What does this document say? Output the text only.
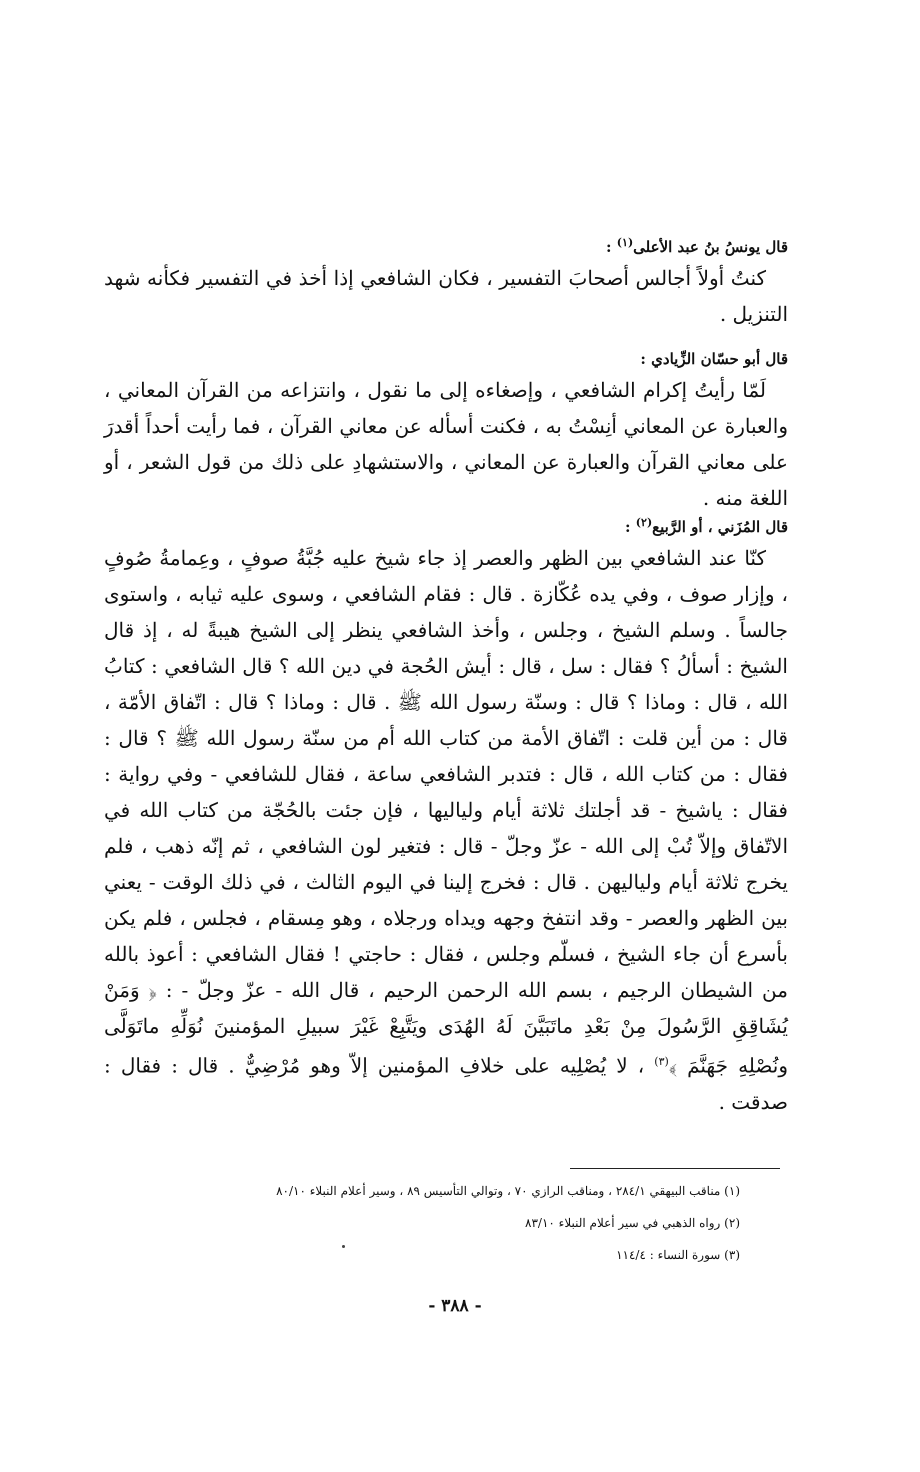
قال يونسُ بنُ عبد الأعلى$^{(١)}$ :

كنتُ أولاً أجالس أصحابَ التفسير ، فكان الشافعي إذا أخذ في التفسير فكأنه شهد التنزيل .

قال أبو حسّان الزِّيادي :

لَمّا رأيتُ إكرام الشافعي ، وإصغاءه إلى ما نقول ، وانتزاعه من القرآن المعاني ، والعبارة عن المعاني أنِسْتُ به ، فكنت أسأله عن معاني القرآن ، فما رأيت أحداً أقدرَ على معاني القرآن والعبارة عن المعاني ، والاستشهادِ على ذلك من قول الشعر ، أو اللغة منه .

قال المُزَني ، أو الرَّبيع$^{(٢)}$ :

كنّا عند الشافعي بين الظهر والعصر إذ جاء شيخ عليه جُبَّةُ صوفٍ ، وعِمامةُ صُوفٍ ، وإزار صوف ، وفي يده عُكّازة . قال : فقام الشافعي ، وسوى عليه ثيابه ، واستوى جالساً . وسلم الشيخ ، وجلس ، وأخذ الشافعي ينظر إلى الشيخ هيبةً له ، إذ قال الشيخ : أسألُ ؟ فقال : سل ، قال : أيش الحُجة في دين الله ؟ قال الشافعي : كتابُ الله ، قال : وماذا ؟ قال : وسنّة رسول الله ﷺ . قال : وماذا ؟ قال : اتّفاق الأمّة ، قال : من أين قلت : اتّفاق الأمة من كتاب الله أم من سنّة رسول الله ﷺ ؟ قال : فقال : من كتاب الله ، قال : فتدبر الشافعي ساعة ، فقال للشافعي - وفي رواية : فقال : ياشيخ - قد أجلتك ثلاثة أيام ولياليها ، فإن جئت بالحُجّة من كتاب الله في الاتّفاق وإلاّ تُبْ إلى الله - عزّ وجلّ - قال : فتغير لون الشافعي ، ثم إنّه ذهب ، فلم يخرج ثلاثة أيام ولياليهن . قال : فخرج إلينا في اليوم الثالث ، في ذلك الوقت - يعني بين الظهر والعصر - وقد انتفخ وجهه ويداه ورجلاه ، وهو مِسقام ، فجلس ، فلم يكن بأسرع أن جاء الشيخ ، فسلّم وجلس ، فقال : حاجتي ! فقال الشافعي : أعوذ بالله من الشيطان الرجيم ، بسم الله الرحمن الرحيم ، قال الله - عزّ وجلّ - : ﴿ وَمَنْ يُشَاقِقِ الرَّسُولَ مِنْ بَعْدِ ماتَبَيَّنَ لَهُ الهُدَى ويَتَّبِعْ غَيْرَ سبيلِ المؤمنينَ نُوَلِّهِ ماتَوَلَّى ونُصْلِهِ جَهَنَّمَ ﴾$^{(٣)}$ ، لا يُصْلِيه على خلافِ المؤمنين إلاّ وهو مُرْضِيٌّ . قال : فقال : صدقت .

(١) مناقب البيهقي ٢٨٤/١ ، ومناقب الرازي ٧٠ ، وتوالي التأسيس ٨٩ ، وسير أعلام النبلاء ٨٠/١٠
(٢) رواه الذهبي في سير أعلام النبلاء ٨٣/١٠
(٣) سورة النساء : ١١٤/٤
- ٣٨٨ -
